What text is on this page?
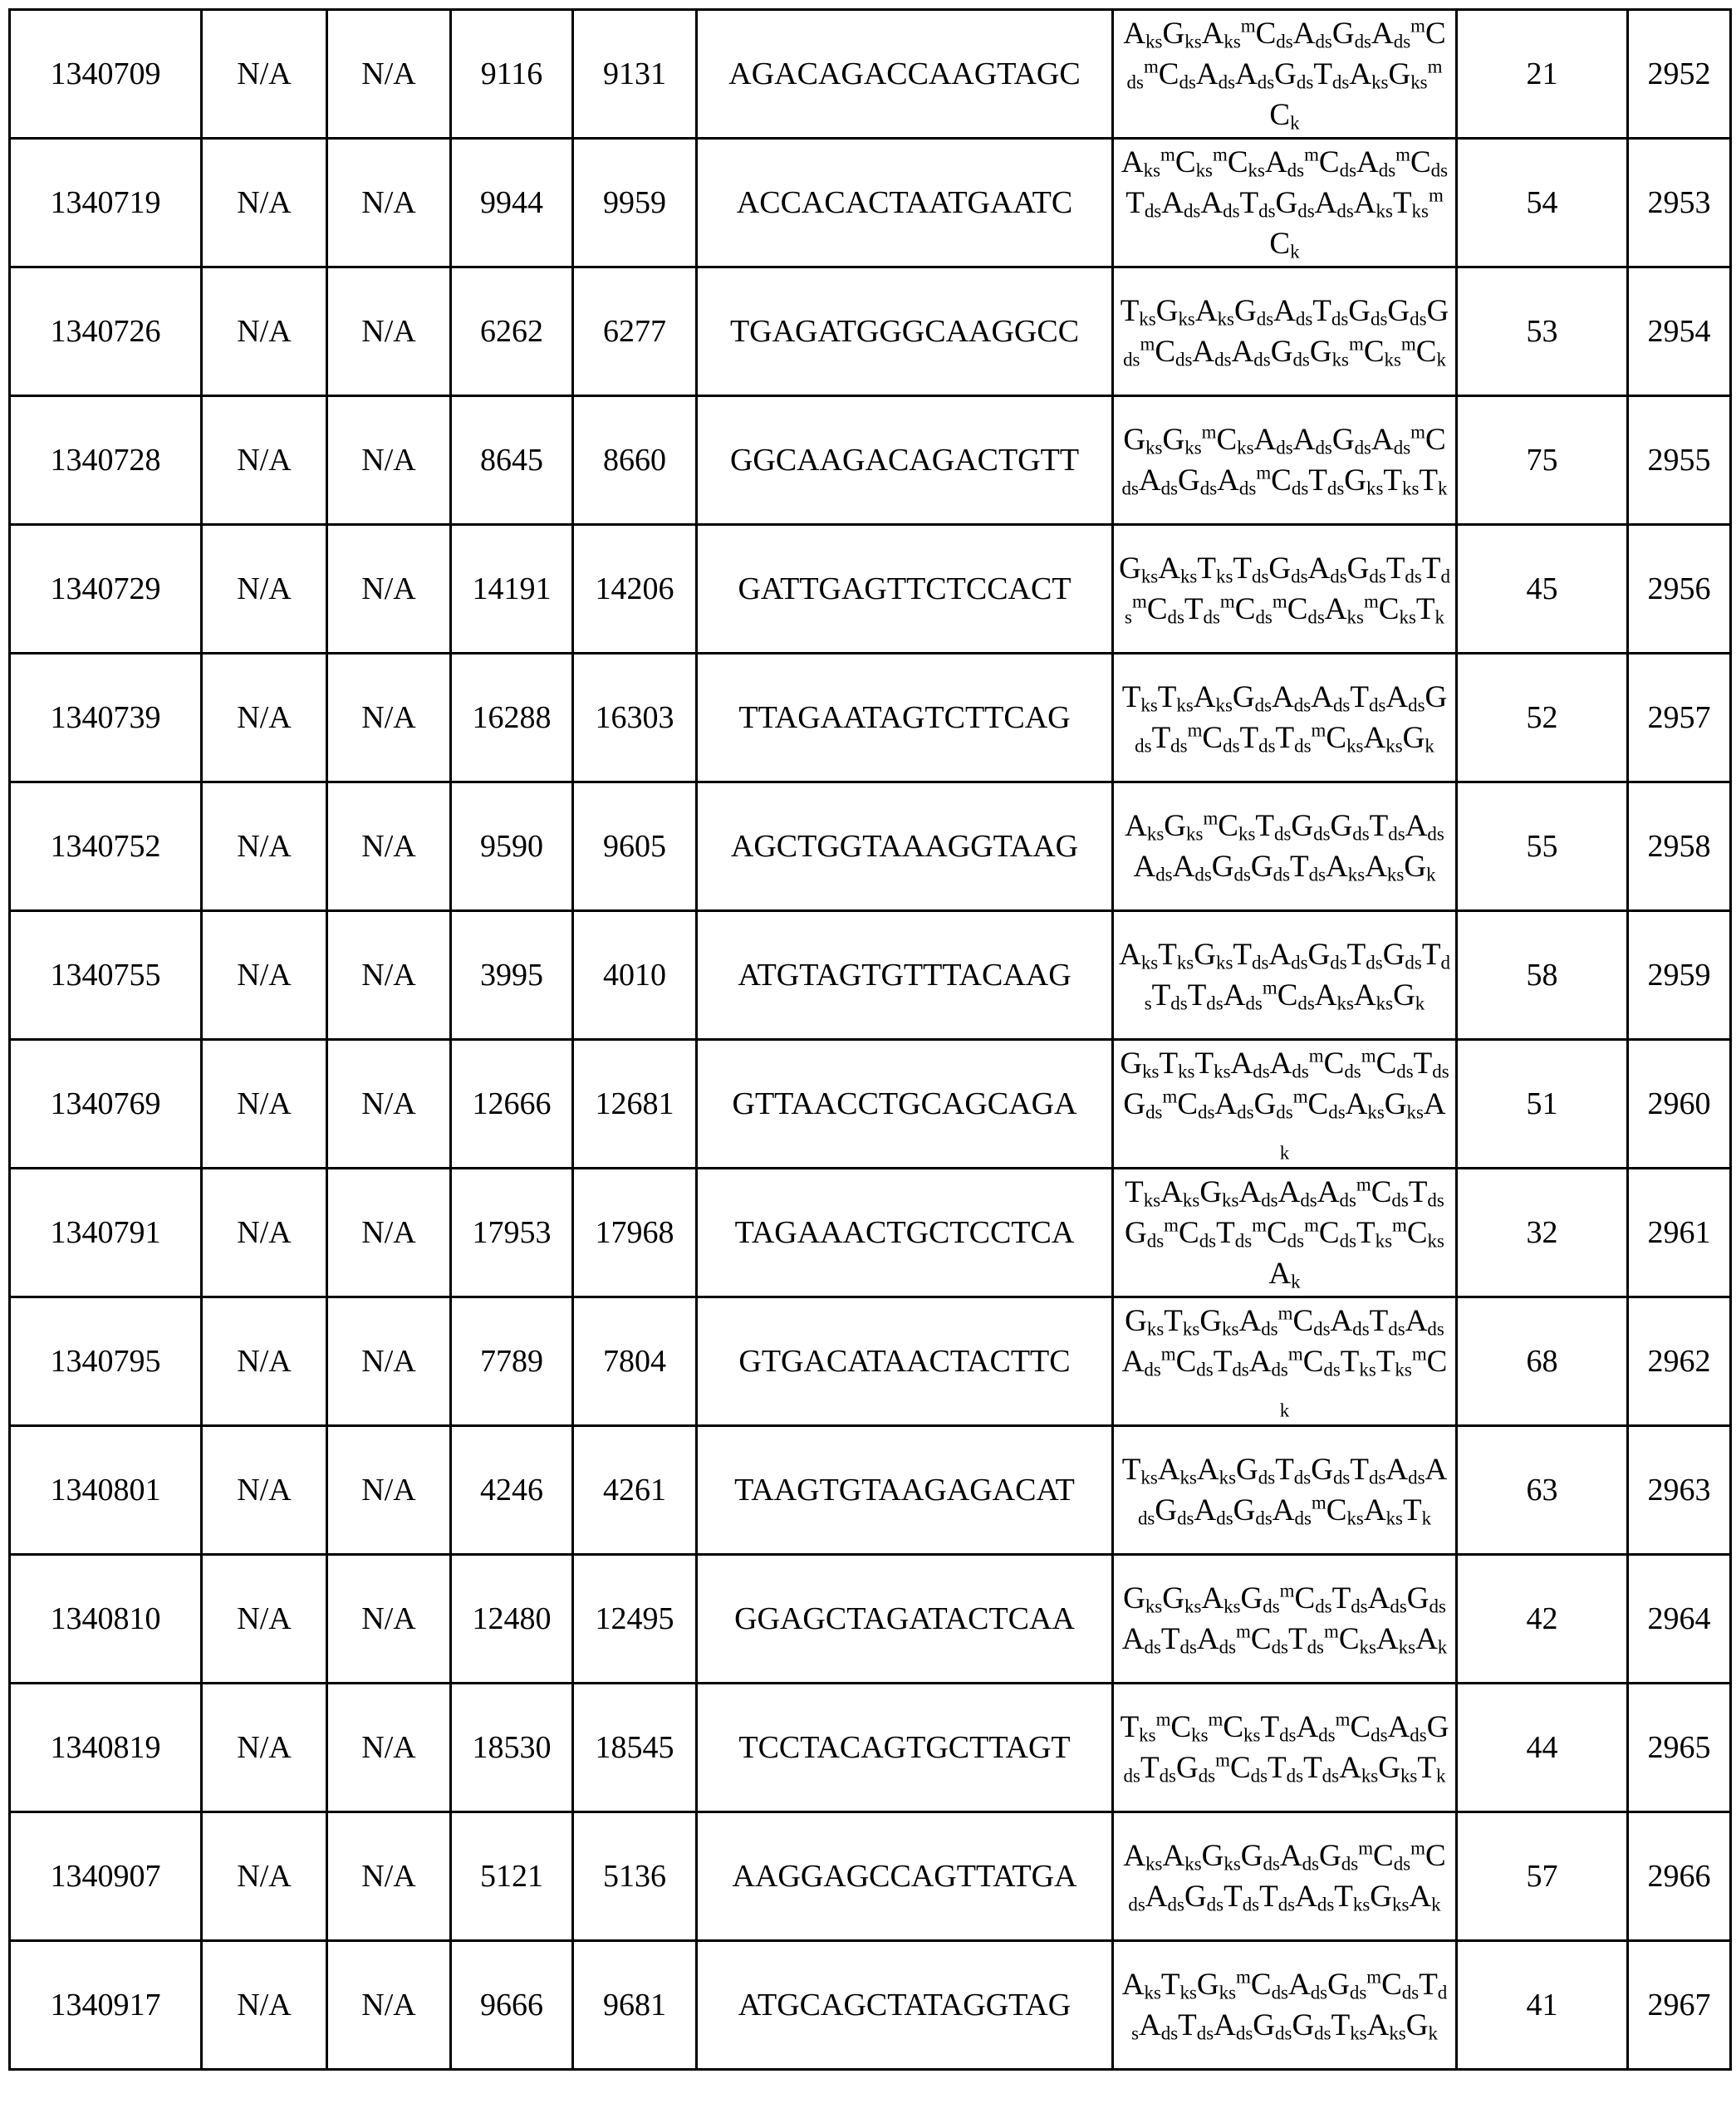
1340709	N/A	N/A	9116	9131	AGACAGACCAAGTAGC	AksGksAksmCdsAdsGdsAdsmCdsmCdsAdsAdsGdsTdsAksGksmCk	21	2952
1340719	N/A	N/A	9944	9959	ACCACACTAATGAATC	AksmCksmCksAdsmCdsAdsmCdsTdsAdsAdsTdsGdsAdsAksTksmCk	54	2953
1340726	N/A	N/A	6262	6277	TGAGATGGGCAAGGCC	TksGksAksGdsAdsTdsGdsGdsGdsmCdsAdsAdsGdsGksmCksmCk	53	2954
1340728	N/A	N/A	8645	8660	GGCAAGACAGACTGTT	GksGksmCksAdsAdsGdsAdsmCdsAdsGdsAdsmCdsTdsGksTksTk	75	2955
1340729	N/A	N/A	14191	14206	GATTGAGTTCTCCACT	GksAksTksTdsGdsAdsGdsTdsTdsmCdsTdsmCdsmCdsAksmCksTk	45	2956
1340739	N/A	N/A	16288	16303	TTAGAATAGTCTTCAG	TksTksAksGdsAdsAdsTdsAdsGdsTdsmCdsTdsTdsmCksAksGk	52	2957
1340752	N/A	N/A	9590	9605	AGCTGGTAAAGGTAAG	AksGksmCksTdsGdsGdsTdsAdsAdsAdsGdsGdsTdsAksAksGk	55	2958
1340755	N/A	N/A	3995	4010	ATGTAGTGTTTACAAG	AksTksGksTdsAdsGdsTdsGdsTdsTdsTdsAdsmCdsAksAksGk	58	2959
1340769	N/A	N/A	12666	12681	GTTAACCTGCAGCAGA	GksTksTksAdsAdsmCdsmCdsTdsGdsmCdsAdsGdsmCdsAksGksAk	51	2960
1340791	N/A	N/A	17953	17968	TAGAAACTGCTCCTCA	TksAksGksAdsAdsAdsmCdsTdsGdsmCdsTdsmCdsmCdsTksmCksAk	32	2961
1340795	N/A	N/A	7789	7804	GTGACATAACTACTTC	GksTksGksAdsmCdsAdsTdsAdsAdsmCdsTdsAdsmCdsTksTksmCk	68	2962
1340801	N/A	N/A	4246	4261	TAAGTGTAAGAGACAT	TksAksAksGdsTdsGdsTdsAdsAdsGdsAdsGdsAdsmCksAksTk	63	2963
1340810	N/A	N/A	12480	12495	GGAGCTAGATACTCAA	GksGksAksGdsmCdsTdsAdsGdsAdsTdsAdsmCdsTdsmCksAksAk	42	2964
1340819	N/A	N/A	18530	18545	TCCTACAGTGCTTAGT	TksmCksmCksTdsAdsmCdsAdsGdsTdsGdsmCdsTdsTdsAksGksTk	44	2965
1340907	N/A	N/A	5121	5136	AAGGAGCCAGTTATGA	AksAksGksGdsAdsGdsmCdsmCdsAdsGdsTdsTdsAdsTksGksAk	57	2966
1340917	N/A	N/A	9666	9681	ATGCAGCTATAGGTAG	AksTksGksmCdsAdsGdsmCdsTdsAdsTdsAdsGdsGdsTksAksGk	41	2967
